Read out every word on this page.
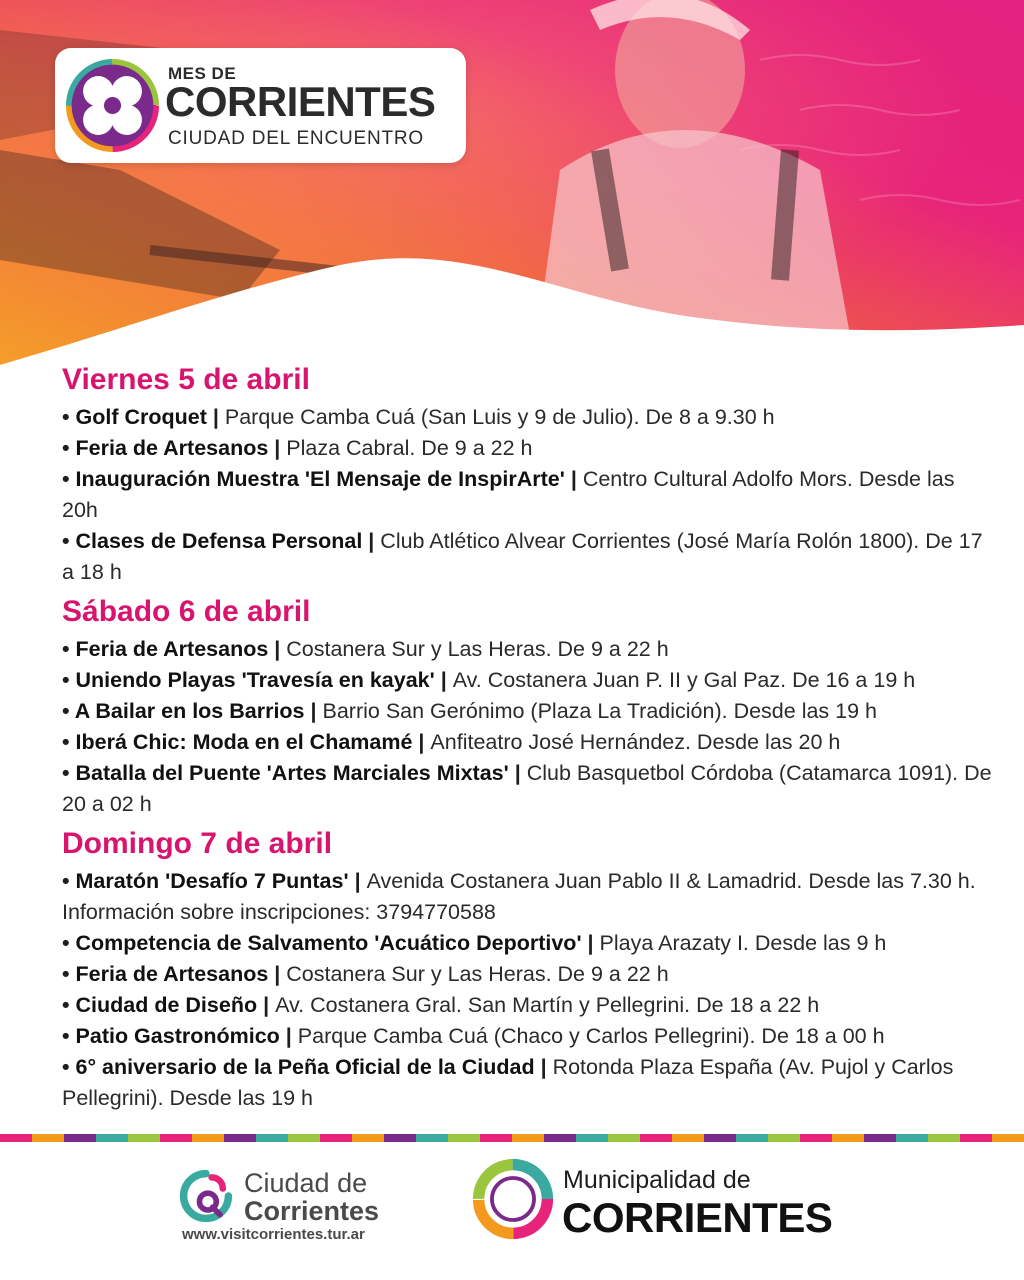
MES DE
CORRIENTES
CIUDAD DEL ENCUENTRO
Viernes 5 de abril

• Golf Croquet | Parque Camba Cuá (San Luis y 9 de Julio). De 8 a 9.30 h

• Feria de Artesanos | Plaza Cabral. De 9 a 22 h

• Inauguración Muestra 'El Mensaje de InspirArte' | Centro Cultural Adolfo Mors. Desde las 20h

• Clases de Defensa Personal | Club Atlético Alvear Corrientes (José María Rolón 1800). De 17 a 18 h

Sábado 6 de abril

• Feria de Artesanos | Costanera Sur y Las Heras. De 9 a 22 h

• Uniendo Playas 'Travesía en kayak' | Av. Costanera Juan P. II y Gal Paz. De 16 a 19 h

• A Bailar en los Barrios | Barrio San Gerónimo (Plaza La Tradición). Desde las 19 h

• Iberá Chic: Moda en el Chamamé | Anfiteatro José Hernández. Desde las 20 h

• Batalla del Puente 'Artes Marciales Mixtas' | Club Basquetbol Córdoba (Catamarca 1091). De 20 a 02 h

Domingo 7 de abril

• Maratón 'Desafío 7 Puntas' | Avenida Costanera Juan Pablo II & Lamadrid. Desde las 7.30 h. Información sobre inscripciones: 3794770588

• Competencia de Salvamento 'Acuático Deportivo' | Playa Arazaty I. Desde las 9 h

• Feria de Artesanos | Costanera Sur y Las Heras. De 9 a 22 h

• Ciudad de Diseño | Av. Costanera Gral. San Martín y Pellegrini. De 18 a 22 h

• Patio Gastronómico | Parque Camba Cuá (Chaco y Carlos Pellegrini). De 18 a 00 h

• 6° aniversario de la Peña Oficial de la Ciudad | Rotonda Plaza España (Av. Pujol y Carlos Pellegrini). Desde las 19 h

Ciudad de
Corrientes
www.visitcorrientes.tur.ar
Municipalidad de
CORRIENTES
